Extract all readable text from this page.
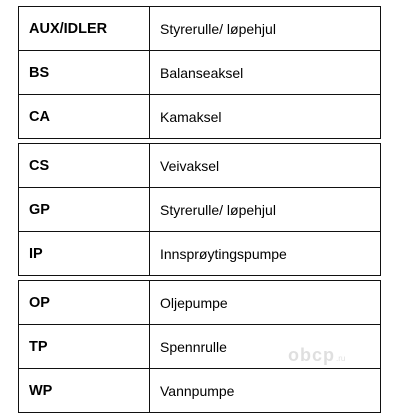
AUX/IDLER	Styrerulle/ løpehjul
BS	Balanseaksel
CA	Kamaksel
CS	Veivaksel
GP	Styrerulle/ løpehjul
IP	Innsprøytingspumpe
OP	Oljepumpe
TP	Spennrulle
WP	Vannpumpe
obcp .ru
